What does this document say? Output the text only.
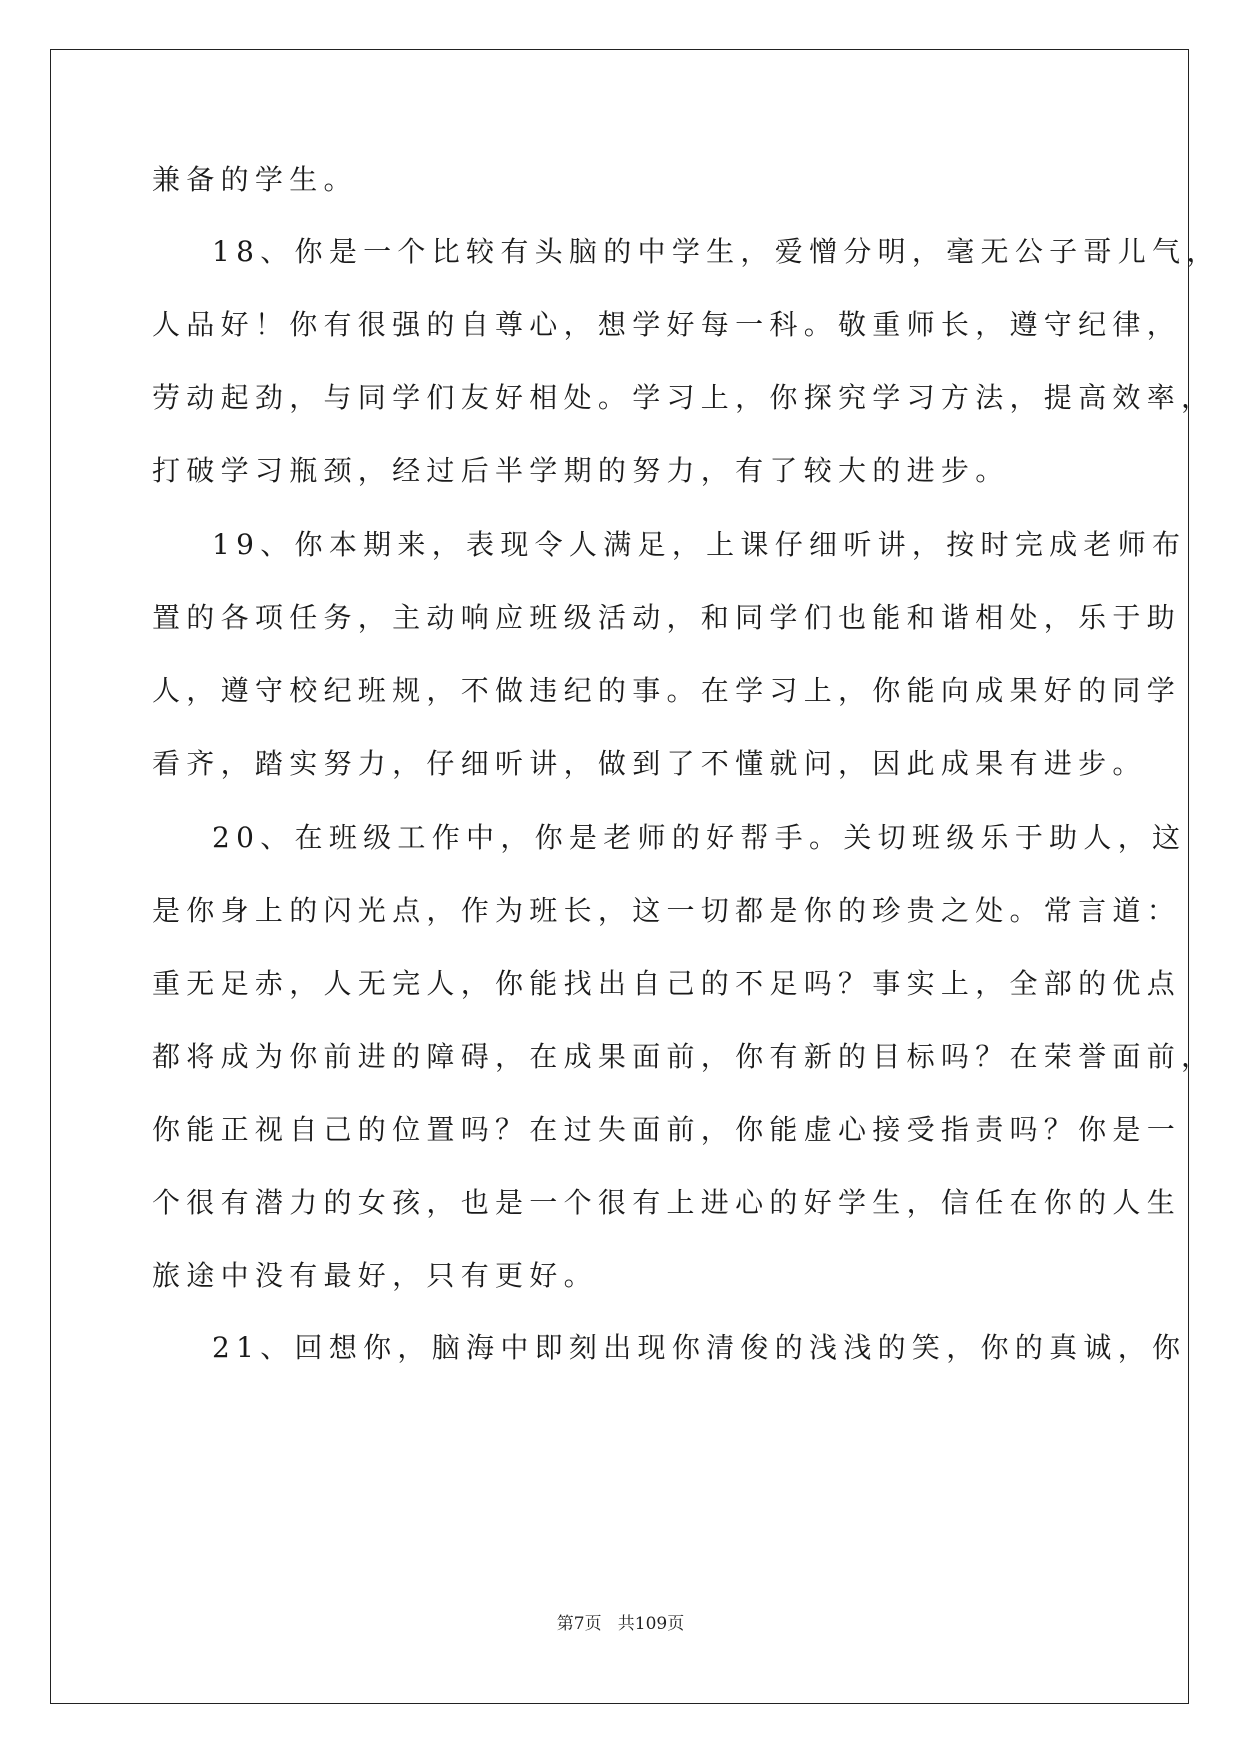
兼备的学生。

18、你是一个比较有头脑的中学生，爱憎分明，毫无公子哥儿气，

人品好！你有很强的自尊心，想学好每一科。敬重师长，遵守纪律，

劳动起劲，与同学们友好相处。学习上，你探究学习方法，提高效率，

打破学习瓶颈，经过后半学期的努力，有了较大的进步。

19、你本期来，表现令人满足，上课仔细听讲，按时完成老师布

置的各项任务，主动响应班级活动，和同学们也能和谐相处，乐于助

人，遵守校纪班规，不做违纪的事。在学习上，你能向成果好的同学

看齐，踏实努力，仔细听讲，做到了不懂就问，因此成果有进步。

20、在班级工作中，你是老师的好帮手。关切班级乐于助人，这

是你身上的闪光点，作为班长，这一切都是你的珍贵之处。常言道：

重无足赤，人无完人，你能找出自己的不足吗？事实上，全部的优点

都将成为你前进的障碍，在成果面前，你有新的目标吗？在荣誉面前，

你能正视自己的位置吗？在过失面前，你能虚心接受指责吗？你是一

个很有潜力的女孩，也是一个很有上进心的好学生，信任在你的人生

旅途中没有最好，只有更好。

21、回想你，脑海中即刻出现你清俊的浅浅的笑，你的真诚，你

第7页 共109页
